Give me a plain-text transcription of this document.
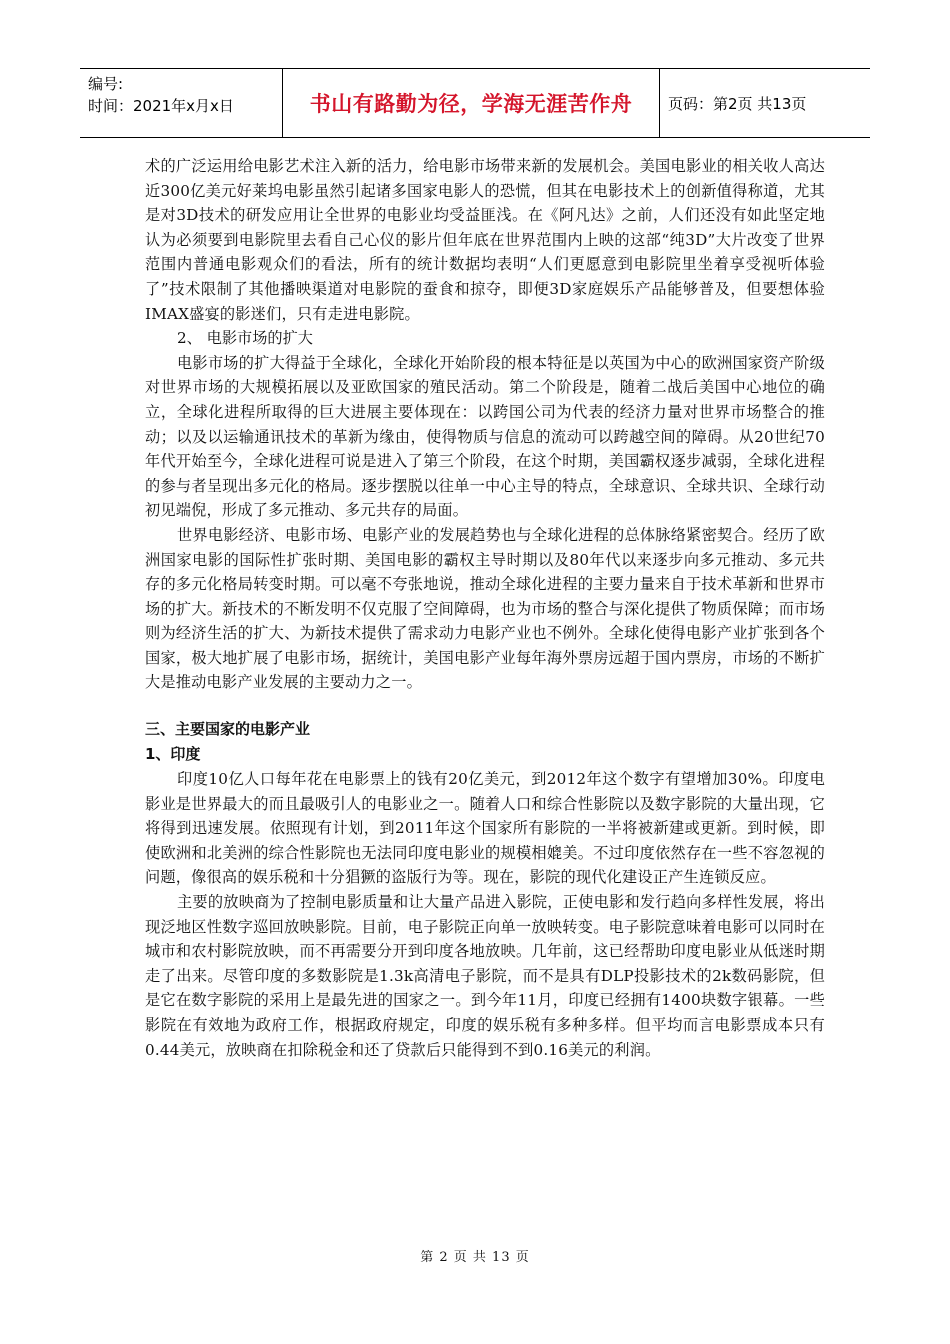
编号:
时间：2021年x月x日	书山有路勤为径，学海无涯苦作舟	页码：第2页 共13页

术的广泛运用给电影艺术注入新的活力，给电影市场带来新的发展机会。美国电影业的相关收人高达近300亿美元好莱坞电影虽然引起诸多国家电影人的恐慌，但其在电影技术上的创新值得称道，尤其是对3D技术的研发应用让全世界的电影业均受益匪浅。在《阿凡达》之前，人们还没有如此坚定地认为必须要到电影院里去看自己心仪的影片但年底在世界范围内上映的这部“纯3D”大片改变了世界范围内普通电影观众们的看法，所有的统计数据均表明“人们更愿意到电影院里坐着享受视听体验了”技术限制了其他播映渠道对电影院的蚕食和掠夺，即便3D家庭娱乐产品能够普及，但要想体验IMAX盛宴的影迷们，只有走进电影院。

2、 电影市场的扩大

电影市场的扩大得益于全球化，全球化开始阶段的根本特征是以英国为中心的欧洲国家资产阶级对世界市场的大规模拓展以及亚欧国家的殖民活动。第二个阶段是，随着二战后美国中心地位的确立，全球化进程所取得的巨大进展主要体现在：以跨国公司为代表的经济力量对世界市场整合的推动；以及以运输通讯技术的革新为缘由，使得物质与信息的流动可以跨越空间的障碍。从20世纪70年代开始至今，全球化进程可说是进入了第三个阶段，在这个时期，美国霸权逐步减弱，全球化进程的参与者呈现出多元化的格局。逐步摆脱以往单一中心主导的特点，全球意识、全球共识、全球行动初见端倪，形成了多元推动、多元共存的局面。

世界电影经济、电影市场、电影产业的发展趋势也与全球化进程的总体脉络紧密契合。经历了欧洲国家电影的国际性扩张时期、美国电影的霸权主导时期以及80年代以来逐步向多元推动、多元共存的多元化格局转变时期。可以毫不夸张地说，推动全球化进程的主要力量来自于技术革新和世界市场的扩大。新技术的不断发明不仅克服了空间障碍，也为市场的整合与深化提供了物质保障；而市场则为经济生活的扩大、为新技术提供了需求动力电影产业也不例外。全球化使得电影产业扩张到各个国家，极大地扩展了电影市场，据统计，美国电影产业每年海外票房远超于国内票房，市场的不断扩大是推动电影产业发展的主要动力之一。

三、主要国家的电影产业

1、印度

印度10亿人口每年花在电影票上的钱有20亿美元，到2012年这个数字有望增加30%。印度电影业是世界最大的而且最吸引人的电影业之一。随着人口和综合性影院以及数字影院的大量出现，它将得到迅速发展。依照现有计划，到2011年这个国家所有影院的一半将被新建或更新。到时候，即使欧洲和北美洲的综合性影院也无法同印度电影业的规模相媲美。不过印度依然存在一些不容忽视的问题，像很高的娱乐税和十分猖獗的盗版行为等。现在，影院的现代化建设正产生连锁反应。

主要的放映商为了控制电影质量和让大量产品进入影院，正使电影和发行趋向多样性发展，将出现泛地区性数字巡回放映影院。目前，电子影院正向单一放映转变。电子影院意味着电影可以同时在城市和农村影院放映，而不再需要分开到印度各地放映。几年前，这已经帮助印度电影业从低迷时期走了出来。尽管印度的多数影院是1.3k高清电子影院，而不是具有DLP投影技术的2k数码影院，但是它在数字影院的采用上是最先进的国家之一。到今年11月，印度已经拥有1400块数字银幕。一些影院在有效地为政府工作，根据政府规定，印度的娱乐税有多种多样。但平均而言电影票成本只有0.44美元，放映商在扣除税金和还了贷款后只能得到不到0.16美元的利润。

第 2 页 共 13 页
